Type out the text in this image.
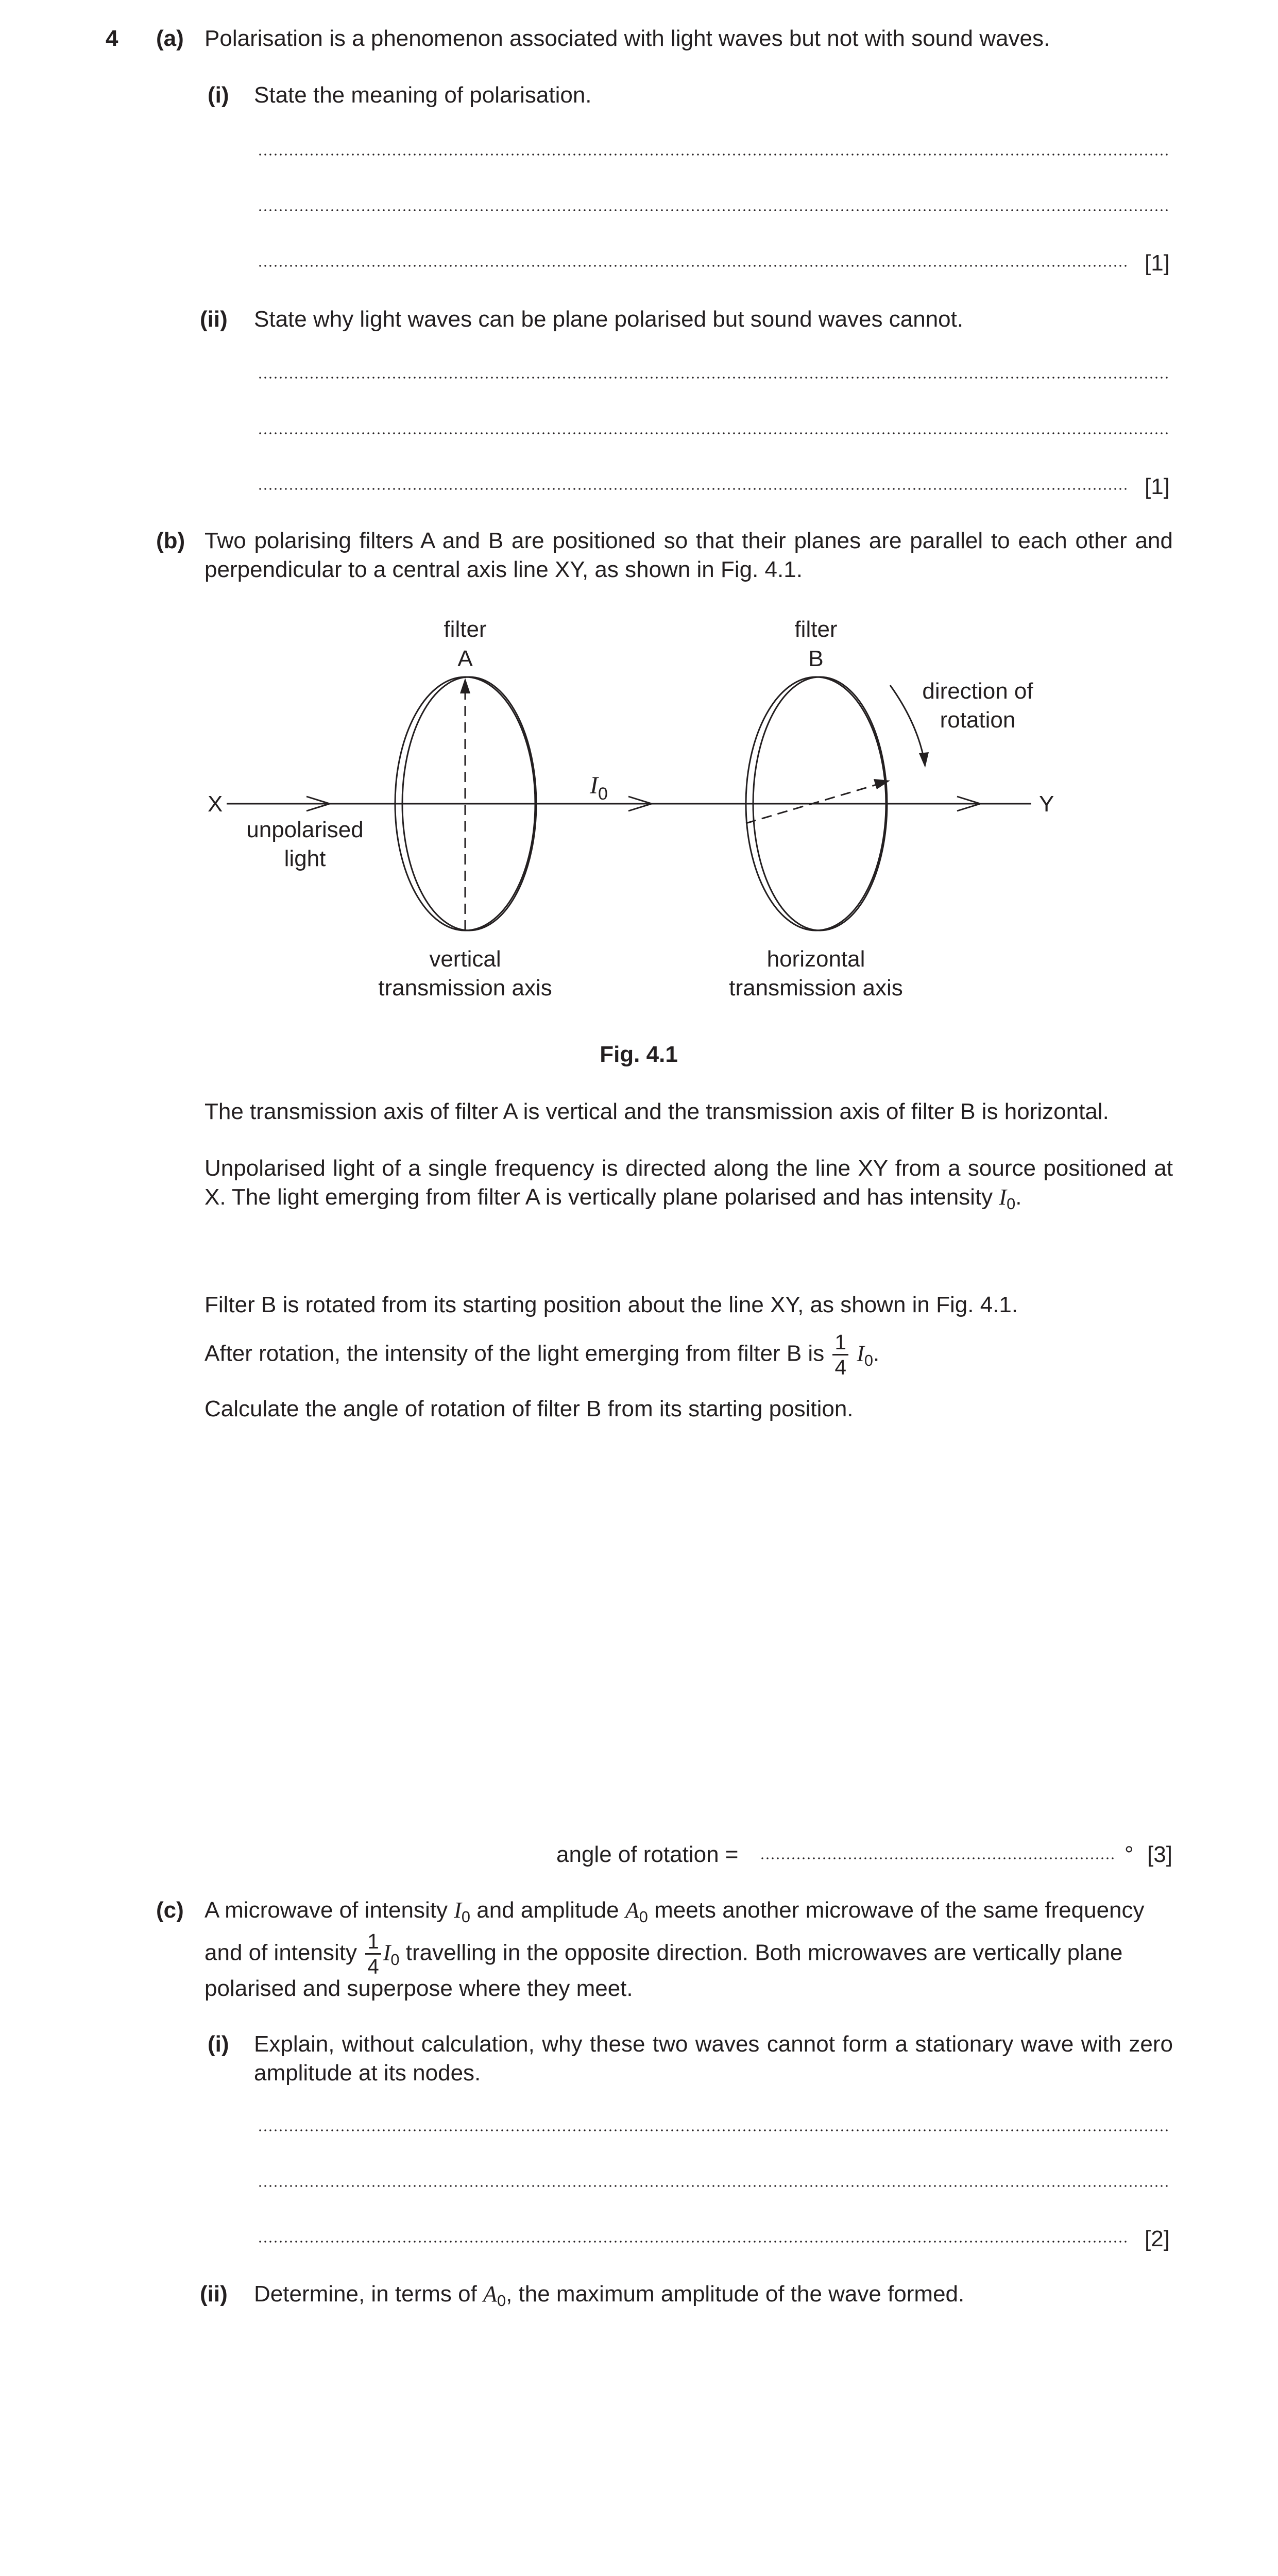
4 (a) Polarisation is a phenomenon associated with light waves but not with sound waves.
(i) State the meaning of polarisation.
[1]
(ii) State why light waves can be plane polarised but sound waves cannot.
[1]
(b) Two polarising filters A and B are positioned so that their planes are parallel to each other and perpendicular to a central axis line XY, as shown in Fig. 4.1.
filter
A
filter
B
direction of
rotation
X	Y
$I_0$
unpolarised
light
vertical
transmission axis
horizontal
transmission axis
Fig. 4.1
The transmission axis of filter A is vertical and the transmission axis of filter B is horizontal.
Unpolarised light of a single frequency is directed along the line XY from a source positioned at X. The light emerging from filter A is vertically plane polarised and has intensity $I_0$.
Filter B is rotated from its starting position about the line XY, as shown in Fig. 4.1.
After rotation, the intensity of the light emerging from filter B is $\frac{1}{4} I_0$.
Calculate the angle of rotation of filter B from its starting position.
angle of rotation =	° [3]
(c) A microwave of intensity $I_0$ and amplitude $A_0$ meets another microwave of the same frequency
and of intensity $\frac{1}{4} I_0$ travelling in the opposite direction. Both microwaves are vertically plane
polarised and superpose where they meet.
(i) Explain, without calculation, why these two waves cannot form a stationary wave with zero amplitude at its nodes.
[2]
(ii) Determine, in terms of $A_0$, the maximum amplitude of the wave formed.
